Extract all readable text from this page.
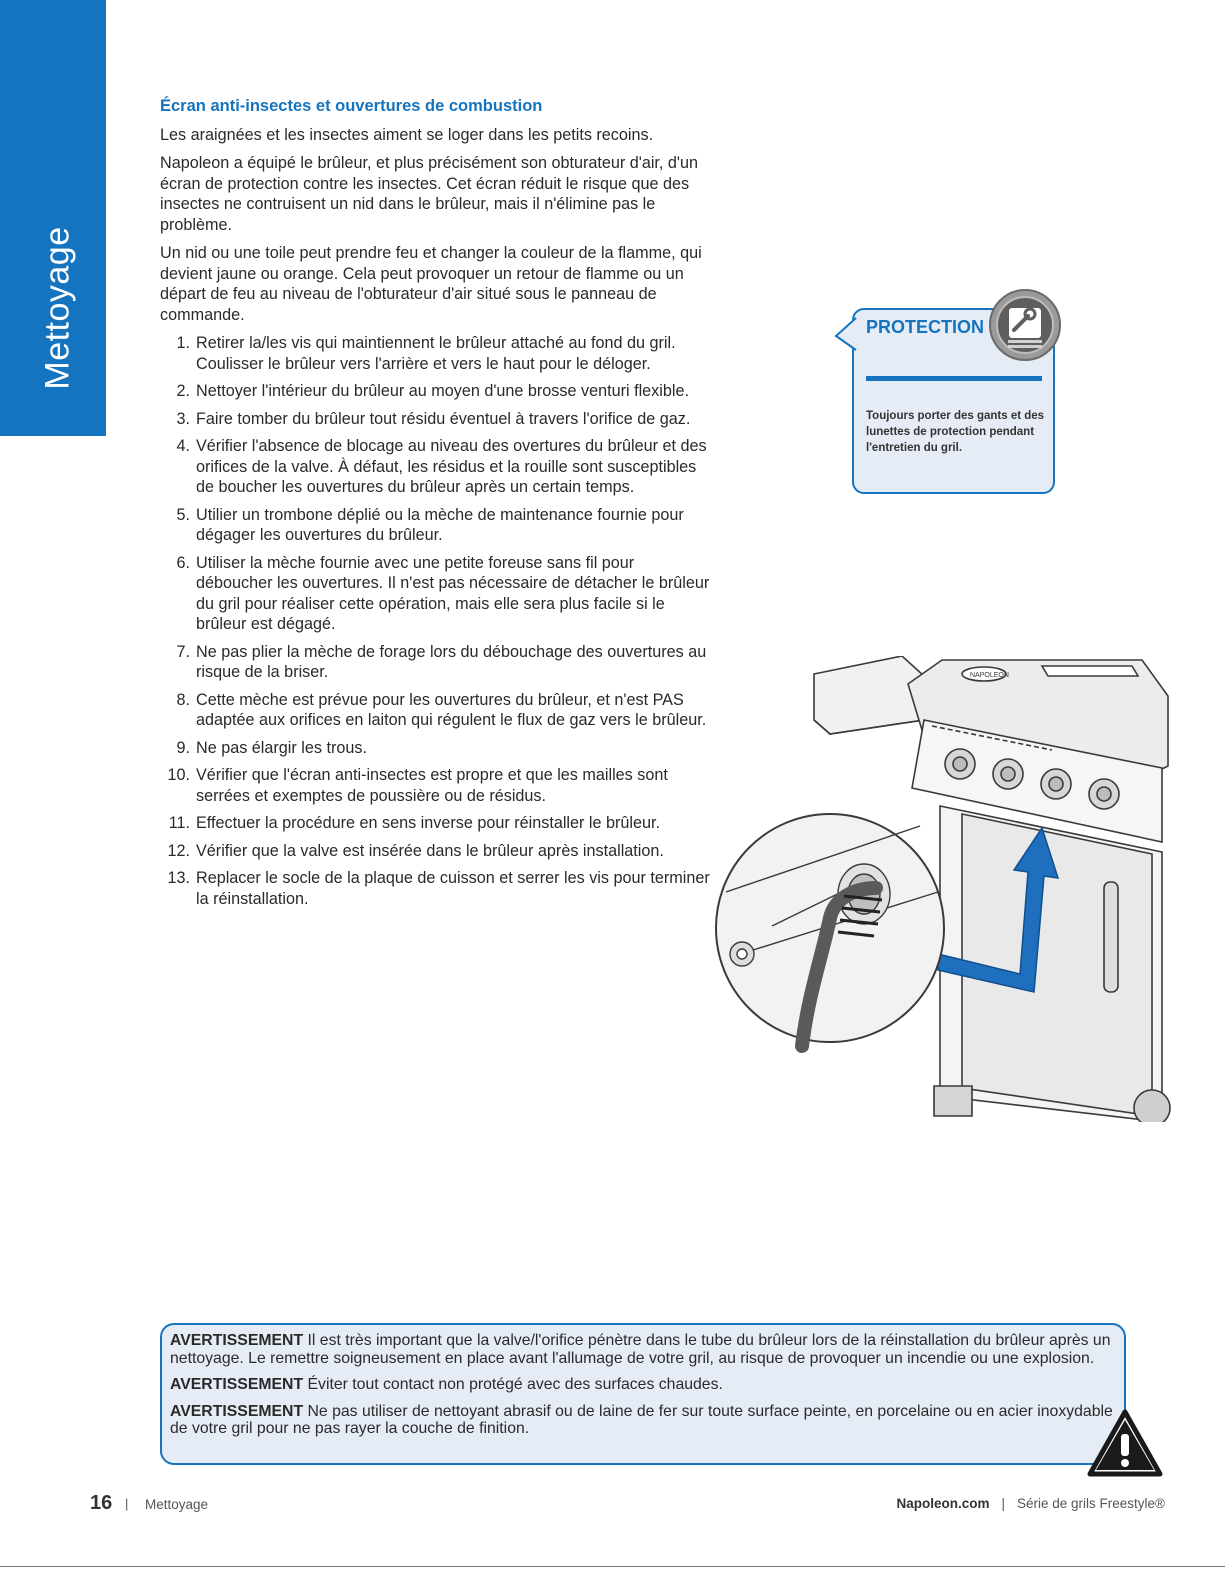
Mettoyage
Écran anti-insectes et ouvertures de combustion

Les araignées et les insectes aiment se loger dans les petits recoins.

Napoleon a équipé le brûleur, et plus précisément son obturateur d'air, d'un écran de protection contre les insectes. Cet écran réduit le risque que des insectes ne contruisent un nid dans le brûleur, mais il n'élimine pas le problème.

Un nid ou une toile peut prendre feu et changer la couleur de la flamme, qui devient jaune ou orange. Cela peut provoquer un retour de flamme ou un départ de feu au niveau de l'obturateur d'air situé sous le panneau de commande.

1. Retirer la/les vis qui maintiennent le brûleur attaché au fond du gril. Coulisser le brûleur vers l'arrière et vers le haut pour le déloger.
2. Nettoyer l'intérieur du brûleur au moyen d'une brosse venturi flexible.
3. Faire tomber du brûleur tout résidu éventuel à travers l'orifice de gaz.
4. Vérifier l'absence de blocage au niveau des overtures du brûleur et des orifices de la valve. À défaut, les résidus et la rouille sont susceptibles de boucher les ouvertures du brûleur après un certain temps.
5. Utilier un trombone déplié ou la mèche de maintenance fournie pour dégager les ouvertures du brûleur.
6. Utiliser la mèche fournie avec une petite foreuse sans fil pour déboucher les ouvertures. Il n'est pas nécessaire de détacher le brûleur du gril pour réaliser cette opération, mais elle sera plus facile si le brûleur est dégagé.
7. Ne pas plier la mèche de forage lors du débouchage des ouvertures au risque de la briser.
8. Cette mèche est prévue pour les ouvertures du brûleur, et n'est PAS adaptée aux orifices en laiton qui régulent le flux de gaz vers le brûleur.
9. Ne pas élargir les trous.
10. Vérifier que l'écran anti-insectes est propre et que les mailles sont serrées et exemptes de poussière ou de résidus.
11. Effectuer la procédure en sens inverse pour réinstaller le brûleur.
12. Vérifier que la valve est insérée dans le brûleur après installation.
13. Replacer le socle de la plaque de cuisson et serrer les vis pour terminer la réinstallation.
PROTECTION
Toujours porter des gants et des lunettes de protection pendant l'entretien du gril.
NAPOLEON

AVERTISSEMENT Il est très important que la valve/l'orifice pénètre dans le tube du brûleur lors de la réinstallation du brûleur après un nettoyage. Le remettre soigneusement en place avant l'allumage de votre gril, au risque de provoquer un incendie ou une explosion.

AVERTISSEMENT Éviter tout contact non protégé avec des surfaces chaudes.

AVERTISSEMENT Ne pas utiliser de nettoyant abrasif ou de laine de fer sur toute surface peinte, en porcelaine ou en acier inoxydable de votre gril pour ne pas rayer la couche de finition.

16 | Mettoyage	Napoleon.com | Série de grils Freestyle®
